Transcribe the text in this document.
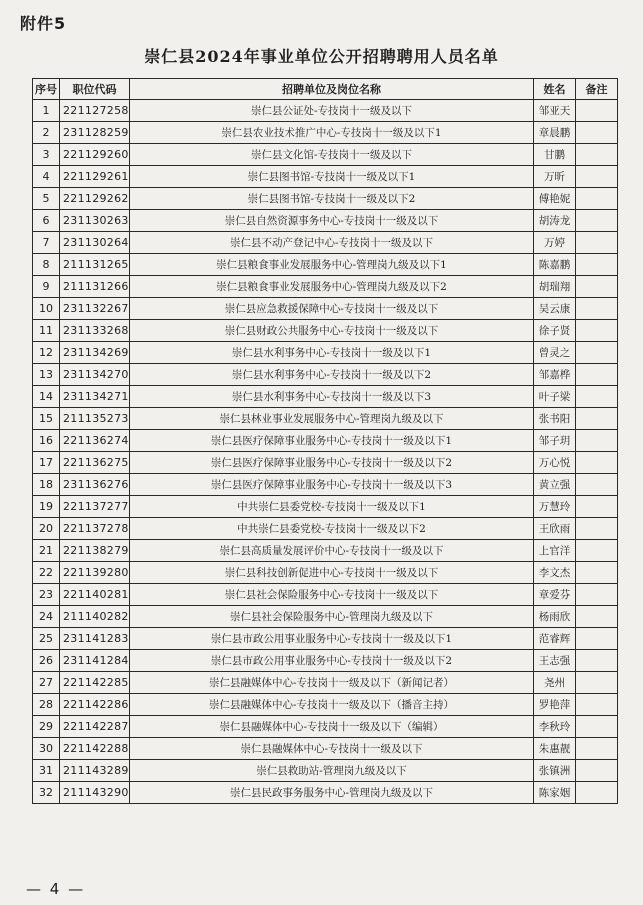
附件5
崇仁县2024年事业单位公开招聘聘用人员名单
序号	职位代码	招聘单位及岗位名称	姓名	备注
1	221127258	崇仁县公证处-专技岗十一级及以下	邹亚天	
2	231128259	崇仁县农业技术推广中心-专技岗十一级及以下1	章晨鹏	
3	221129260	崇仁县文化馆-专技岗十一级及以下	甘鹏	
4	221129261	崇仁县图书馆-专技岗十一级及以下1	万昕	
5	221129262	崇仁县图书馆-专技岗十一级及以下2	傅艳妮	
6	231130263	崇仁县自然资源事务中心-专技岗十一级及以下	胡涛龙	
7	231130264	崇仁县不动产登记中心-专技岗十一级及以下	万婷	
8	211131265	崇仁县粮食事业发展服务中心-管理岗九级及以下1	陈嘉鹏	
9	211131266	崇仁县粮食事业发展服务中心-管理岗九级及以下2	胡瑞翔	
10	231132267	崇仁县应急救援保障中心-专技岗十一级及以下	吴云康	
11	231133268	崇仁县财政公共服务中心-专技岗十一级及以下	徐子贤	
12	231134269	崇仁县水利事务中心-专技岗十一级及以下1	曾灵之	
13	231134270	崇仁县水利事务中心-专技岗十一级及以下2	邹嘉桦	
14	231134271	崇仁县水利事务中心-专技岗十一级及以下3	叶子梁	
15	211135273	崇仁县林业事业发展服务中心-管理岗九级及以下	张书阳	
16	221136274	崇仁县医疗保障事业服务中心-专技岗十一级及以下1	邹子玥	
17	221136275	崇仁县医疗保障事业服务中心-专技岗十一级及以下2	万心悦	
18	231136276	崇仁县医疗保障事业服务中心-专技岗十一级及以下3	黄立强	
19	221137277	中共崇仁县委党校-专技岗十一级及以下1	万慧玲	
20	221137278	中共崇仁县委党校-专技岗十一级及以下2	王欣雨	
21	221138279	崇仁县高质量发展评价中心-专技岗十一级及以下	上官洋	
22	221139280	崇仁县科技创新促进中心-专技岗十一级及以下	李文杰	
23	221140281	崇仁县社会保险服务中心-专技岗十一级及以下	章爱芬	
24	211140282	崇仁县社会保险服务中心-管理岗九级及以下	杨雨欣	
25	231141283	崇仁县市政公用事业服务中心-专技岗十一级及以下1	范睿辉	
26	231141284	崇仁县市政公用事业服务中心-专技岗十一级及以下2	王志强	
27	221142285	崇仁县融媒体中心-专技岗十一级及以下（新闻记者）	尧州	
28	221142286	崇仁县融媒体中心-专技岗十一级及以下（播音主持）	罗艳萍	
29	221142287	崇仁县融媒体中心-专技岗十一级及以下（编辑）	李秋玲	
30	221142288	崇仁县融媒体中心-专技岗十一级及以下	朱惠靓	
31	211143289	崇仁县救助站-管理岗九级及以下	张镇洲	
32	211143290	崇仁县民政事务服务中心-管理岗九级及以下	陈家姻	
— 4 —
